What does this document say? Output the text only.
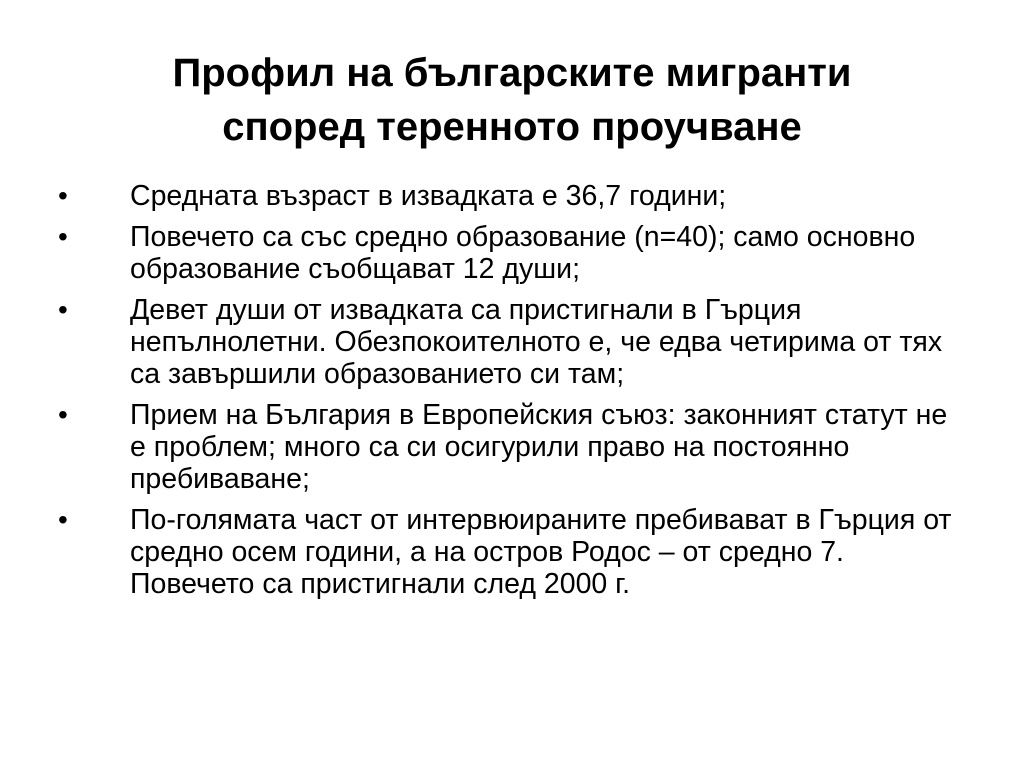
Профил на българските мигранти
според теренното проучване
• Средната възраст в извадката е 36,7 години;
• Повечето са със средно образование (n=40); само основно образование съобщават 12 души;
• Девет души от извадката са пристигнали в Гърция непълнолетни. Обезпокоителното е, че едва четирима от тях са завършили образованието си там;
• Прием на България в Европейския съюз: законният статут не е проблем; много са си осигурили право на постоянно пребиваване;
• По-голямата част от интервюираните пребивават в Гърция от средно осем години, а на остров Родос – от средно 7. Повечето са пристигнали след 2000 г.
